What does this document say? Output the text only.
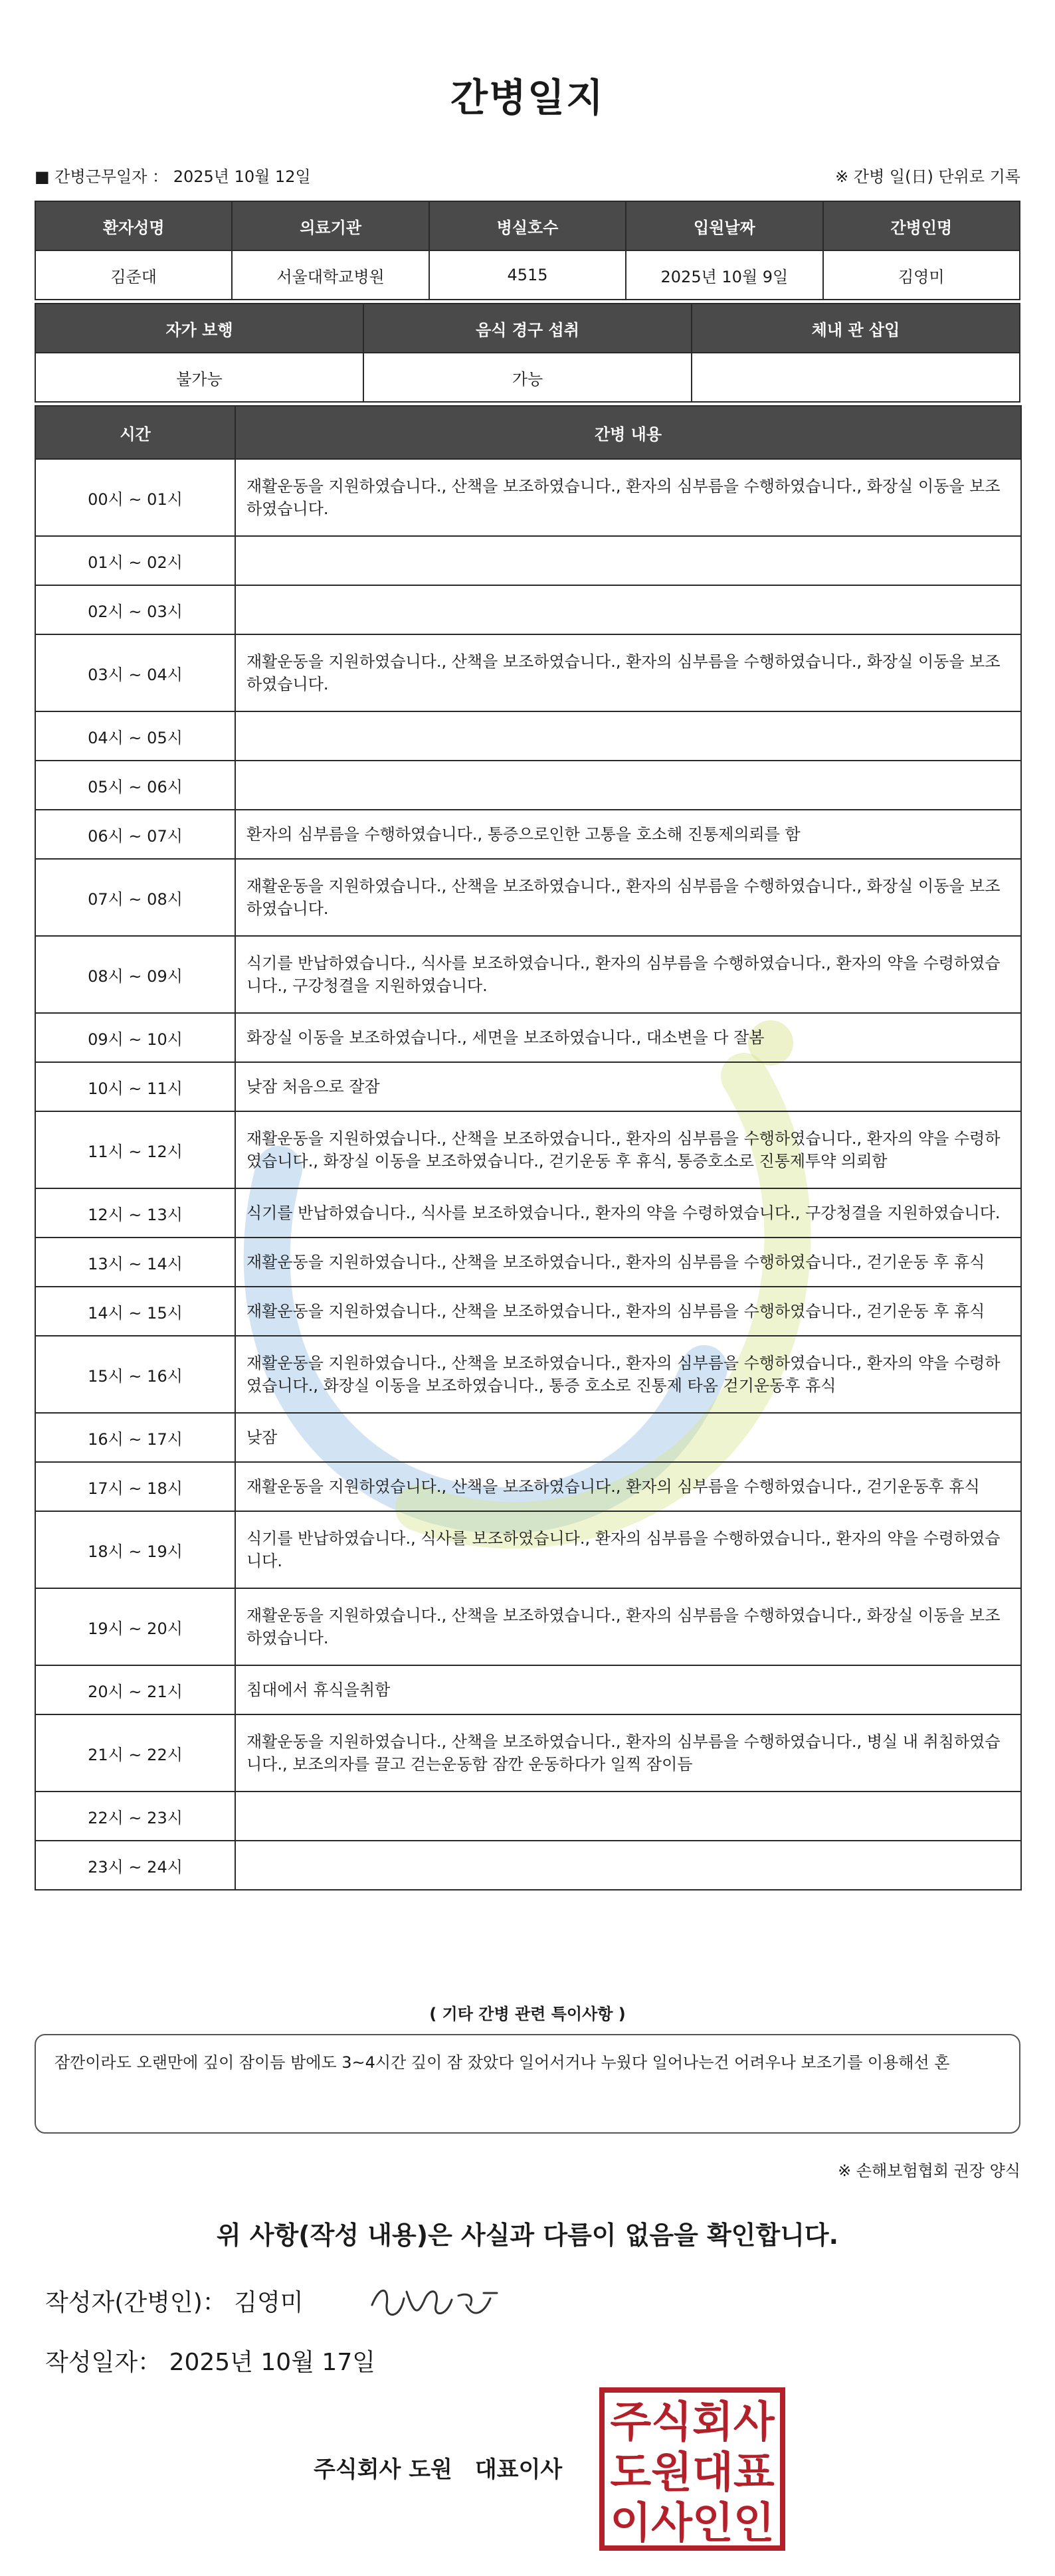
간병일지
■ 간병근무일자 ： 2025년 10월 12일	※ 간병 일(日) 단위로 기록
환자성명	의료기관	병실호수	입원날짜	간병인명
김준대	서울대학교병원	4515	2025년 10월 9일	김영미
자가 보행	음식 경구 섭취	체내 관 삽입
불가능	가능	
시간	간병 내용
00시 ~ 01시	재활운동을 지원하였습니다., 산책을 보조하였습니다., 환자의 심부름을 수행하였습니다., 화장실 이동을 보조하였습니다.
01시 ~ 02시	
02시 ~ 03시	
03시 ~ 04시	재활운동을 지원하였습니다., 산책을 보조하였습니다., 환자의 심부름을 수행하였습니다., 화장실 이동을 보조하였습니다.
04시 ~ 05시	
05시 ~ 06시	
06시 ~ 07시	환자의 심부름을 수행하였습니다., 통증으로인한 고통을 호소해 진통제의뢰를 함
07시 ~ 08시	재활운동을 지원하였습니다., 산책을 보조하였습니다., 환자의 심부름을 수행하였습니다., 화장실 이동을 보조하였습니다.
08시 ~ 09시	식기를 반납하였습니다., 식사를 보조하였습니다., 환자의 심부름을 수행하였습니다., 환자의 약을 수령하였습니다., 구강청결을 지원하였습니다.
09시 ~ 10시	화장실 이동을 보조하였습니다., 세면을 보조하였습니다., 대소변을 다 잘봄
10시 ~ 11시	낮잠 처음으로 잘잠
11시 ~ 12시	재활운동을 지원하였습니다., 산책을 보조하였습니다., 환자의 심부름을 수행하였습니다., 환자의 약을 수령하였습니다., 화장실 이동을 보조하였습니다., 걷기운동 후 휴식, 통증호소로 진통제투약 의뢰함
12시 ~ 13시	식기를 반납하였습니다., 식사를 보조하였습니다., 환자의 약을 수령하였습니다., 구강청결을 지원하였습니다.
13시 ~ 14시	재활운동을 지원하였습니다., 산책을 보조하였습니다., 환자의 심부름을 수행하였습니다., 걷기운동 후 휴식
14시 ~ 15시	재활운동을 지원하였습니다., 산책을 보조하였습니다., 환자의 심부름을 수행하였습니다., 걷기운동 후 휴식
15시 ~ 16시	재활운동을 지원하였습니다., 산책을 보조하였습니다., 환자의 심부름을 수행하였습니다., 환자의 약을 수령하였습니다., 화장실 이동을 보조하였습니다., 통증 호소로 진통제 타옴 걷기운동후 휴식
16시 ~ 17시	낮잠
17시 ~ 18시	재활운동을 지원하였습니다., 산책을 보조하였습니다., 환자의 심부름을 수행하였습니다., 걷기운동후 휴식
18시 ~ 19시	식기를 반납하였습니다., 식사를 보조하였습니다., 환자의 심부름을 수행하였습니다., 환자의 약을 수령하였습니다.
19시 ~ 20시	재활운동을 지원하였습니다., 산책을 보조하였습니다., 환자의 심부름을 수행하였습니다., 화장실 이동을 보조하였습니다.
20시 ~ 21시	침대에서 휴식을취함
21시 ~ 22시	재활운동을 지원하였습니다., 산책을 보조하였습니다., 환자의 심부름을 수행하였습니다., 병실 내 취침하였습니다., 보조의자를 끌고 걷는운동함 잠깐 운동하다가 일찍 잠이듬
22시 ~ 23시	
23시 ~ 24시	
( 기타 간병 관련 특이사항 )
잠깐이라도 오랜만에 깊이 잠이듬 밤에도 3~4시간 깊이 잠 잤았다 일어서거나 누웠다 일어나는건 어려우나 보조기를 이용해선 혼
※ 손해보험협회 권장 양식
위 사항(작성 내용)은 사실과 다름이 없음을 확인합니다.
작성자(간병인)： 김영미
작성일자： 2025년 10월 17일
주식회사 도원　대표이사
주식회사
도원대표
이사인인
